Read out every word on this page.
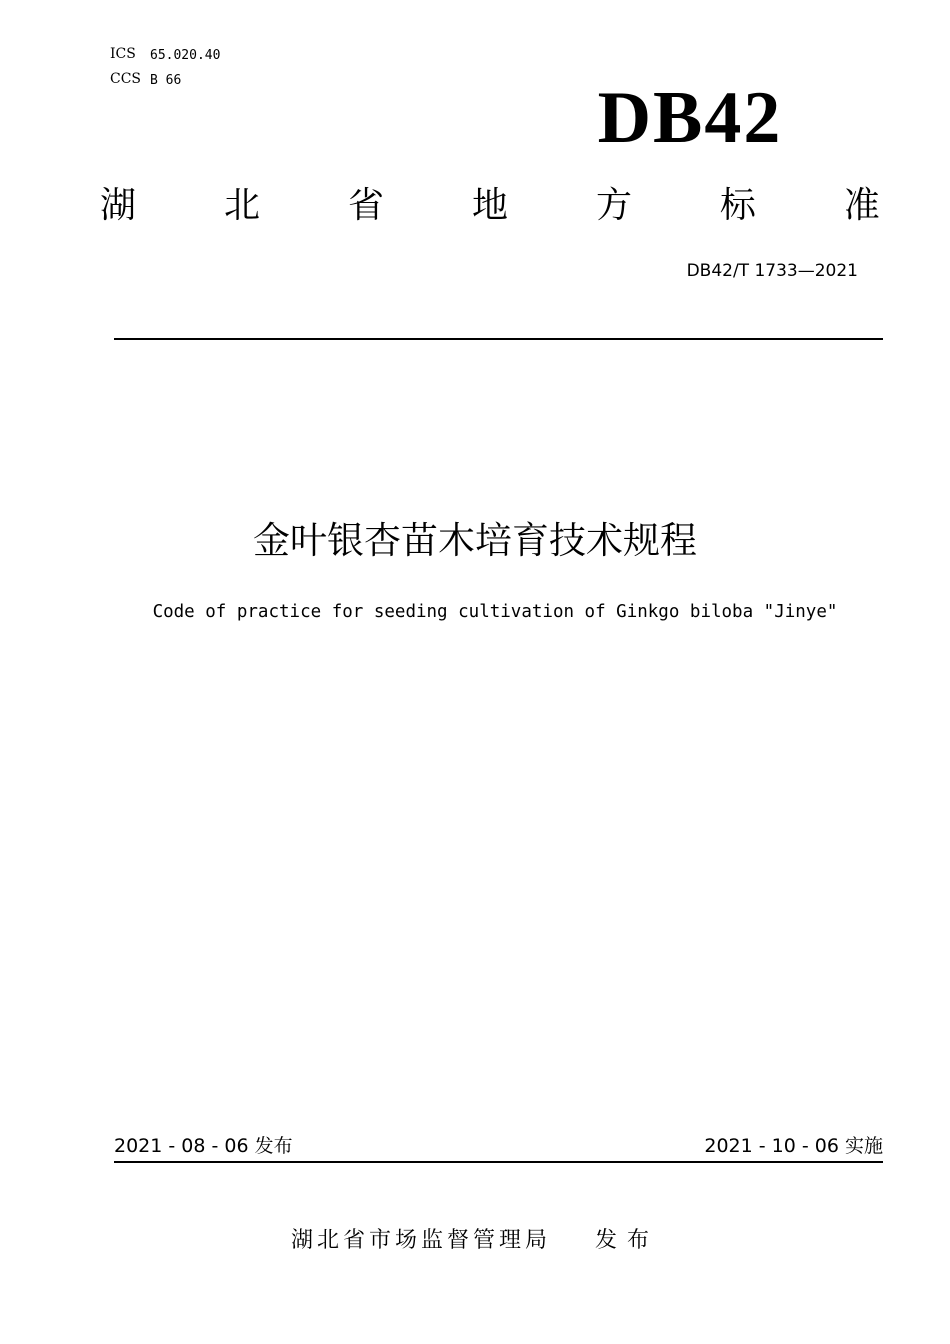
ICS 65.020.40
CCS B 66	DB42
湖 北 省 地 方 标 准
DB42/T 1733—2021
金叶银杏苗木培育技术规程
Code of practice for seeding cultivation of Ginkgo biloba "Jinye"
2021 - 08 - 06 发布	2021 - 10 - 06 实施
湖北省市场监督管理局 发布
